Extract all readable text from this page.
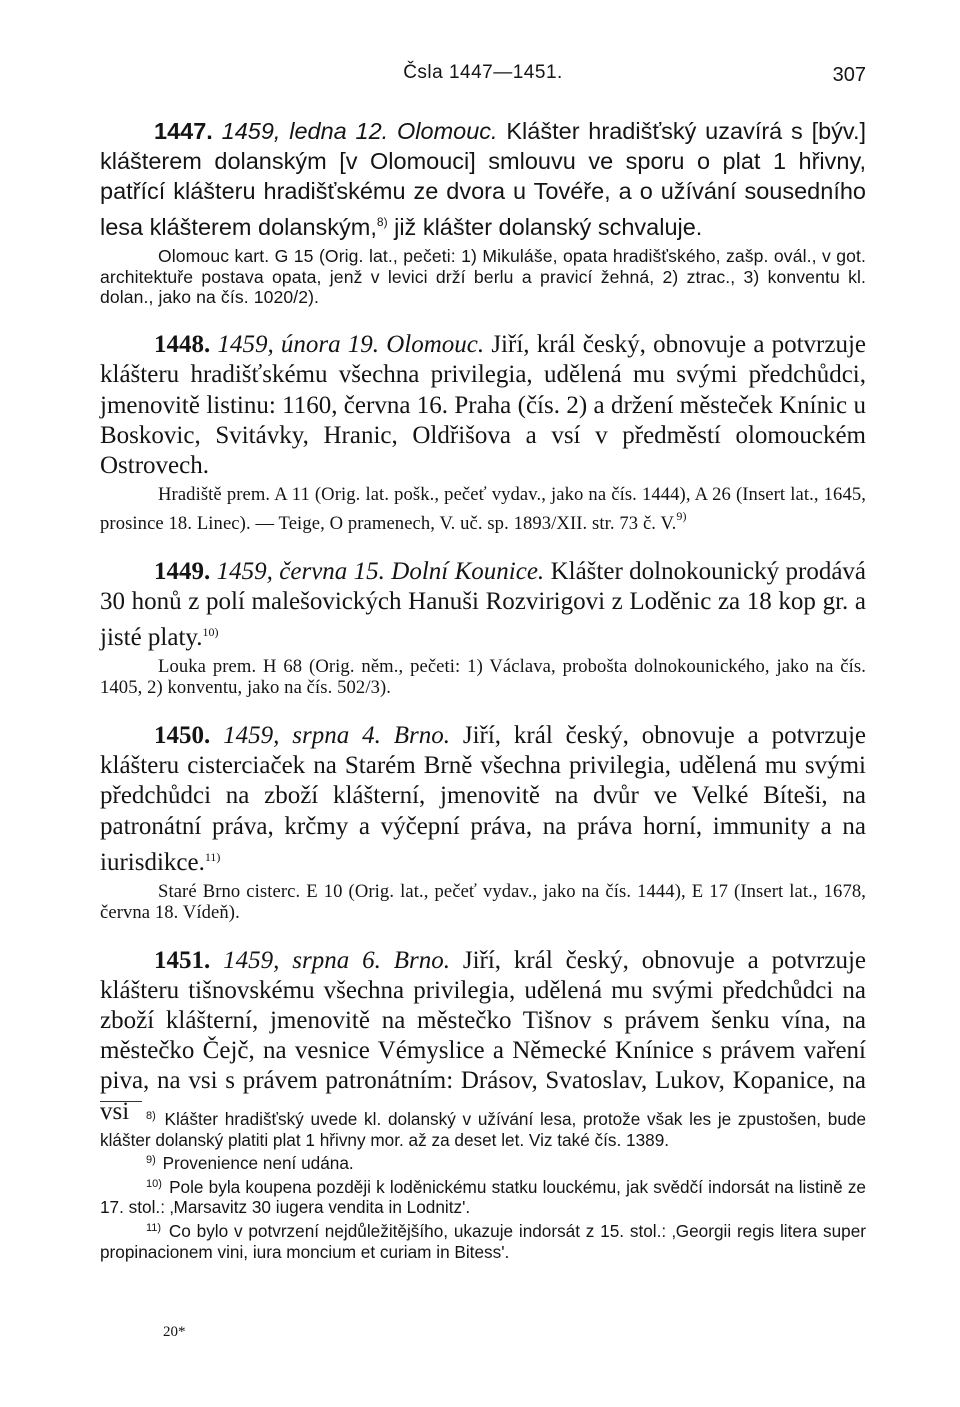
Čsla 1447—1451.	307

1447. 1459, ledna 12. Olomouc. Klášter hradišťský uzavírá s [býv.] klášterem dolanským [v Olomouci] smlouvu ve sporu o plat 1 hřivny, patřící klášteru hradišťskému ze dvora u Tovéře, a o užívání sousedního lesa klášterem dolanským,$^{8)}$ již klášter dolanský schvaluje.

Olomouc kart. G 15 (Orig. lat., pečeti: 1) Mikuláše, opata hradišťského, zašp. ovál., v got. architektuře postava opata, jenž v levici drží berlu a pravicí žehná, 2) ztrac., 3) konventu kl. dolan., jako na čís. 1020/2).

1448. 1459, února 19. Olomouc. Jiří, král český, obnovuje a potvrzuje klášteru hradišťskému všechna privilegia, udělená mu svými předchůdci, jmenovitě listinu: 1160, června 16. Praha (čís. 2) a držení městeček Knínic u Boskovic, Svitávky, Hranic, Oldřišova a vsí v předměstí olomouckém Ostrovech.

Hradiště prem. A 11 (Orig. lat. pošk., pečeť vydav., jako na čís. 1444), A 26 (Insert lat., 1645, prosince 18. Linec). — Teige, O pramenech, V. uč. sp. 1893/XII. str. 73 č. V.$^{9)}$

1449. 1459, června 15. Dolní Kounice. Klášter dolnokounický prodává 30 honů z polí malešovických Hanuši Rozvirigovi z Loděnic za 18 kop gr. a jisté platy.$^{10)}$

Louka prem. H 68 (Orig. něm., pečeti: 1) Václava, probošta dolnokounického, jako na čís. 1405, 2) konventu, jako na čís. 502/3).

1450. 1459, srpna 4. Brno. Jiří, král český, obnovuje a potvrzuje klášteru cisterciaček na Starém Brně všechna privilegia, udělená mu svými předchůdci na zboží klášterní, jmenovitě na dvůr ve Velké Bíteši, na patronátní práva, krčmy a výčepní práva, na práva horní, immunity a na iurisdikce.$^{11)}$

Staré Brno cisterc. E 10 (Orig. lat., pečeť vydav., jako na čís. 1444), E 17 (Insert lat., 1678, června 18. Vídeň).

1451. 1459, srpna 6. Brno. Jiří, král český, obnovuje a potvrzuje klášteru tišnovskému všechna privilegia, udělená mu svými předchůdci na zboží klášterní, jmenovitě na městečko Tišnov s právem šenku vína, na městečko Čejč, na vesnice Vémyslice a Německé Knínice s právem vaření piva, na vsi s právem patronátním: Drásov, Svatoslav, Lukov, Kopanice, na vsi	$^{8)}$ Klášter hradišťský uvede kl. dolanský v užívání lesa, protože však les je zpustošen, bude klášter dolanský platiti plat 1 hřivny mor. až za deset let. Viz také čís. 1389.

$^{9)}$ Provenience není udána.

$^{10)}$ Pole byla koupena později k loděnickému statku louckému, jak svědčí indorsát na listině ze 17. stol.: ‚Marsavitz 30 iugera vendita in Lodnitz'.

$^{11)}$ Co bylo v potvrzení nejdůležitějšího, ukazuje indorsát z 15. stol.: ‚Georgii regis litera super propinacionem vini, iura moncium et curiam in Bitess'.

20*
